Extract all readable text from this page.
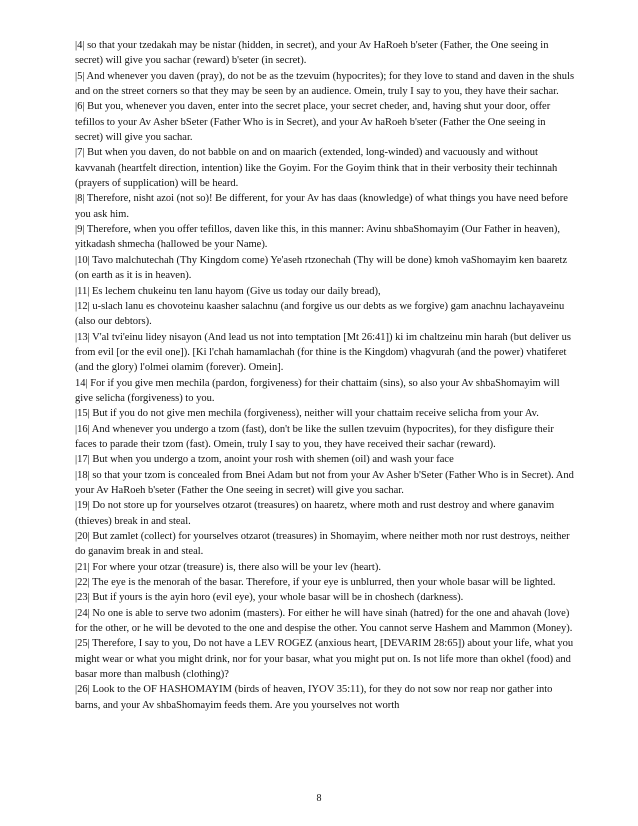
|4| so that your tzedakah may be nistar (hidden, in secret), and your Av HaRoeh b'seter (Father, the One seeing in secret) will give you sachar (reward) b'seter (in secret).

|5| And whenever you daven (pray), do not be as the tzevuim (hypocrites); for they love to stand and daven in the shuls and on the street corners so that they may be seen by an audience. Omein, truly I say to you, they have their sachar.

|6| But you, whenever you daven, enter into the secret place, your secret cheder, and, having shut your door, offer tefillos to your Av Asher bSeter (Father Who is in Secret), and your Av haRoeh b'seter (Father the One seeing in secret) will give you sachar.

|7| But when you daven, do not babble on and on maarich (extended, long-winded) and vacuously and without kavvanah (heartfelt direction, intention) like the Goyim. For the Goyim think that in their verbosity their techinnah (prayers of supplication) will be heard.

|8| Therefore, nisht azoi (not so)! Be different, for your Av has daas (knowledge) of what things you have need before you ask him.

|9| Therefore, when you offer tefillos, daven like this, in this manner: Avinu shbaShomayim (Our Father in heaven), yitkadash shmecha (hallowed be your Name).

|10| Tavo malchutechah (Thy Kingdom come) Ye'aseh rtzonechah (Thy will be done) kmoh vaShomayim ken baaretz (on earth as it is in heaven).

|11| Es lechem chukeinu ten lanu hayom (Give us today our daily bread),

|12| u-slach lanu es chovoteinu kaasher salachnu (and forgive us our debts as we forgive) gam anachnu lachayaveinu (also our debtors).

|13| V'al tvi'einu lidey nisayon (And lead us not into temptation [Mt 26:41]) ki im chaltzeinu min harah (but deliver us from evil [or the evil one]). [Ki l'chah hamamlachah (for thine is the Kingdom) vhagvurah (and the power) vhatiferet (and the glory) l'olmei olamim (forever). Omein].

14| For if you give men mechila (pardon, forgiveness) for their chattaim (sins), so also your Av shbaShomayim will give selicha (forgiveness) to you.

|15| But if you do not give men mechila (forgiveness), neither will your chattaim receive selicha from your Av.

|16| And whenever you undergo a tzom (fast), don't be like the sullen tzevuim (hypocrites), for they disfigure their faces to parade their tzom (fast). Omein, truly I say to you, they have received their sachar (reward).

|17| But when you undergo a tzom, anoint your rosh with shemen (oil) and wash your face

|18| so that your tzom is concealed from Bnei Adam but not from your Av Asher b'Seter (Father Who is in Secret). And your Av HaRoeh b'seter (Father the One seeing in secret) will give you sachar.

|19| Do not store up for yourselves otzarot (treasures) on haaretz, where moth and rust destroy and where ganavim (thieves) break in and steal.

|20| But zamlet (collect) for yourselves otzarot (treasures) in Shomayim, where neither moth nor rust destroys, neither do ganavim break in and steal.

|21| For where your otzar (treasure) is, there also will be your lev (heart).

|22| The eye is the menorah of the basar. Therefore, if your eye is unblurred, then your whole basar will be lighted.

|23| But if yours is the ayin horo (evil eye), your whole basar will be in choshech (darkness).

|24| No one is able to serve two adonim (masters). For either he will have sinah (hatred) for the one and ahavah (love) for the other, or he will be devoted to the one and despise the other. You cannot serve Hashem and Mammon (Money).

|25| Therefore, I say to you, Do not have a LEV ROGEZ (anxious heart, [DEVARIM 28:65]) about your life, what you might wear or what you might drink, nor for your basar, what you might put on. Is not life more than okhel (food) and basar more than malbush (clothing)?

|26| Look to the OF HASHOMAYIM (birds of heaven, IYOV 35:11), for they do not sow nor reap nor gather into barns, and your Av shbaShomayim feeds them. Are you yourselves not worth

8
